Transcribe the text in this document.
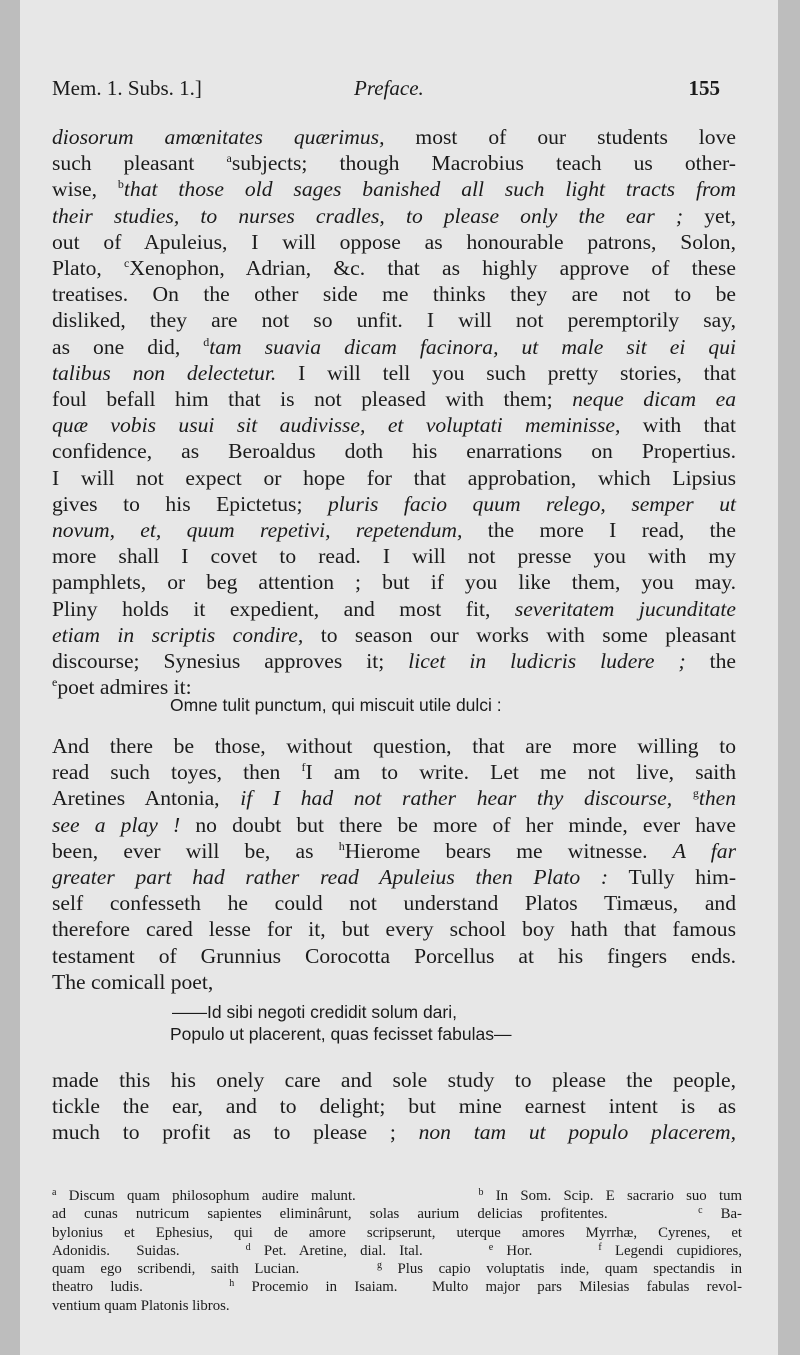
Mem. 1. Subs. 1.]	Preface.	155
diosorum amœnitates quærimus, most of our students love
such pleasant $^a$subjects; though Macrobius teach us other-
wise, $^b$that those old sages banished all such light tracts from
their studies, to nurses cradles, to please only the ear ; yet,
out of Apuleius, I will oppose as honourable patrons, Solon,
Plato, $^c$Xenophon, Adrian, &c. that as highly approve of these
treatises. On the other side me thinks they are not to be
disliked, they are not so unfit. I will not peremptorily say,
as one did, $^d$tam suavia dicam facinora, ut male sit ei qui
talibus non delectetur. I will tell you such pretty stories, that
foul befall him that is not pleased with them; neque dicam ea
quæ vobis usui sit audivisse, et voluptati meminisse, with that
confidence, as Beroaldus doth his enarrations on Propertius.
I will not expect or hope for that approbation, which Lipsius
gives to his Epictetus; pluris facio quum relego, semper ut
novum, et, quum repetivi, repetendum, the more I read, the
more shall I covet to read. I will not presse you with my
pamphlets, or beg attention ; but if you like them, you may.
Pliny holds it expedient, and most fit, severitatem jucunditate
etiam in scriptis condire, to season our works with some pleasant
discourse; Synesius approves it; licet in ludicris ludere ; the
$^e$poet admires it:
Omne tulit punctum, qui miscuit utile dulci :
And there be those, without question, that are more willing to
read such toyes, then $^f$I am to write. Let me not live, saith
Aretines Antonia, if I had not rather hear thy discourse, $^g$then
see a play ! no doubt but there be more of her minde, ever have
been, ever will be, as $^h$Hierome bears me witnesse. A far
greater part had rather read Apuleius then Plato : Tully him-
self confesseth he could not understand Platos Timæus, and
therefore cared lesse for it, but every school boy hath that famous
testament of Grunnius Corocotta Porcellus at his fingers ends.
The comicall poet,
——Id sibi negoti credidit solum dari,
Populo ut placerent, quas fecisset fabulas—
made this his onely care and sole study to please the people,
tickle the ear, and to delight; but mine earnest intent is as
much to profit as to please ; non tam ut populo placerem,
$^a$ Discum quam philosophum audire malunt.          $^b$ In Som. Scip. E sacrario suo tum
ad cunas nutricum sapientes eliminârunt, solas aurium delicias profitentes.     $^c$ Ba-
bylonius et Ephesius, qui de amore scripserunt, uterque amores Myrrhæ, Cyrenes, et
Adonidis.  Suidas.     $^d$ Pet. Aretine, dial. Ital.     $^e$ Hor.     $^f$ Legendi cupidiores,
quam ego scribendi, saith Lucian.     $^g$ Plus capio voluptatis inde, quam spectandis in
theatro ludis.     $^h$ Procemio in Isaiam.  Multo major pars Milesias fabulas revol-
ventium quam Platonis libros.
